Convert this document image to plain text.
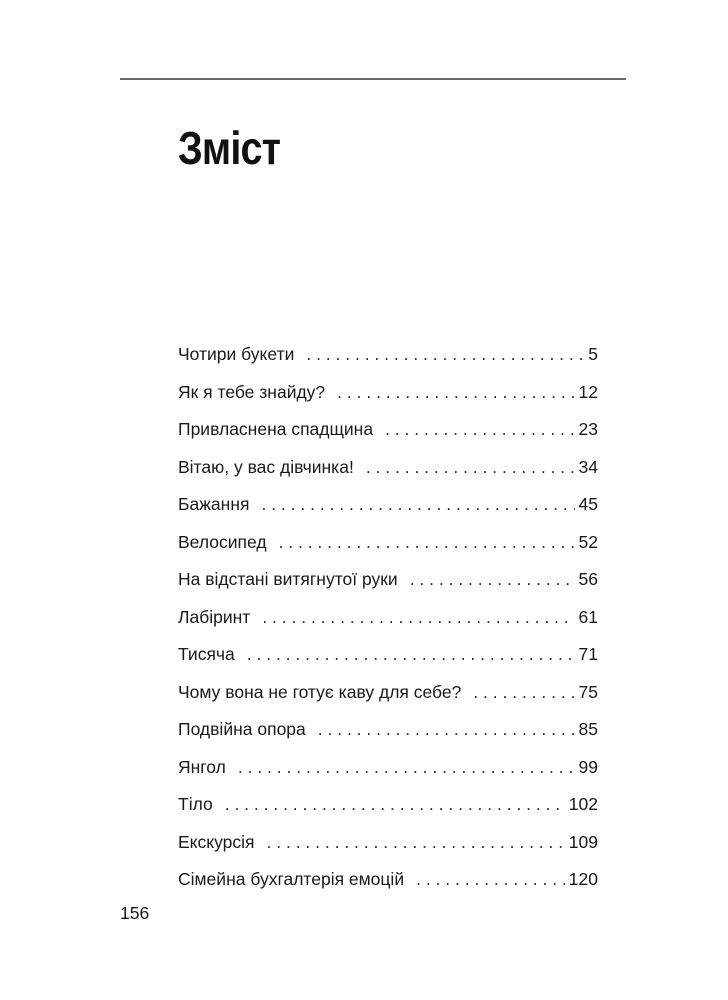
Зміст
Чотири букети . . .	5
Як я тебе знайду? . . .	12
Привласнена спадщина . . .	23
Вітаю, у вас дівчинка! . . .	34
Бажання . . .	45
Велосипед . . .	52
На відстані витягнутої руки . . .	56
Лабіринт . . .	61
Тисяча . . .	71
Чому вона не готує каву для себе? . . .	75
Подвійна опора . . .	85
Янгол . . .	99
Тіло . . .	102
Екскурсія . . .	109
Сімейна бухгалтерія емоцій . . .	120
156
